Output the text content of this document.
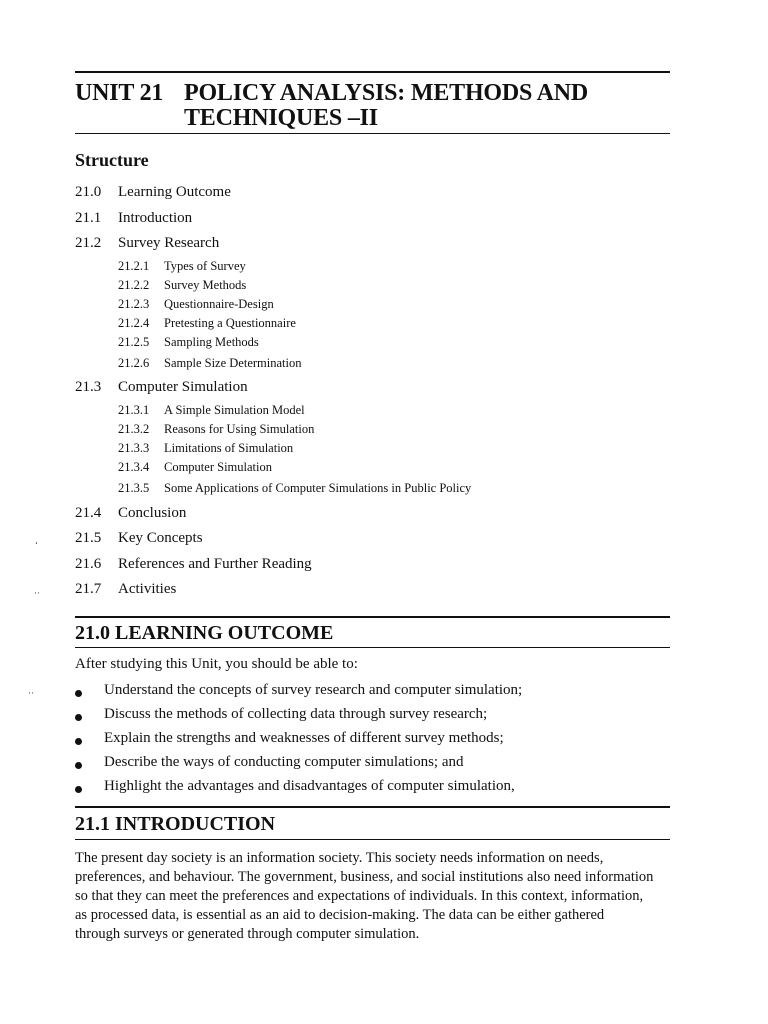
UNIT 21 POLICY ANALYSIS: METHODS AND
TECHNIQUES –II
Structure
21.0 Learning Outcome
21.1 Introduction
21.2 Survey Research
21.2.1 Types of Survey
21.2.2 Survey Methods
21.2.3 Questionnaire-Design
21.2.4 Pretesting a Questionnaire
21.2.5 Sampling Methods
21.2.6 Sample Size Determination
21.3 Computer Simulation
21.3.1 A Simple Simulation Model
21.3.2 Reasons for Using Simulation
21.3.3 Limitations of Simulation
21.3.4 Computer Simulation
21.3.5 Some Applications of Computer Simulations in Public Policy
21.4 Conclusion
21.5 Key Concepts
21.6 References and Further Reading
21.7 Activities
‘
··
··
21.0 LEARNING OUTCOME
After studying this Unit, you should be able to:
Understand the concepts of survey research and computer simulation;
Discuss the methods of collecting data through survey research;
Explain the strengths and weaknesses of different survey methods;
Describe the ways of conducting computer simulations; and
Highlight the advantages and disadvantages of computer simulation,
21.1 INTRODUCTION
The present day society is an information society. This society needs information on needs,
preferences, and behaviour. The government, business, and social institutions also need information
so that they can meet the preferences and expectations of individuals. In this context, information,
as processed data, is essential as an aid to decision-making. The data can be either gathered
through surveys or generated through computer simulation.
